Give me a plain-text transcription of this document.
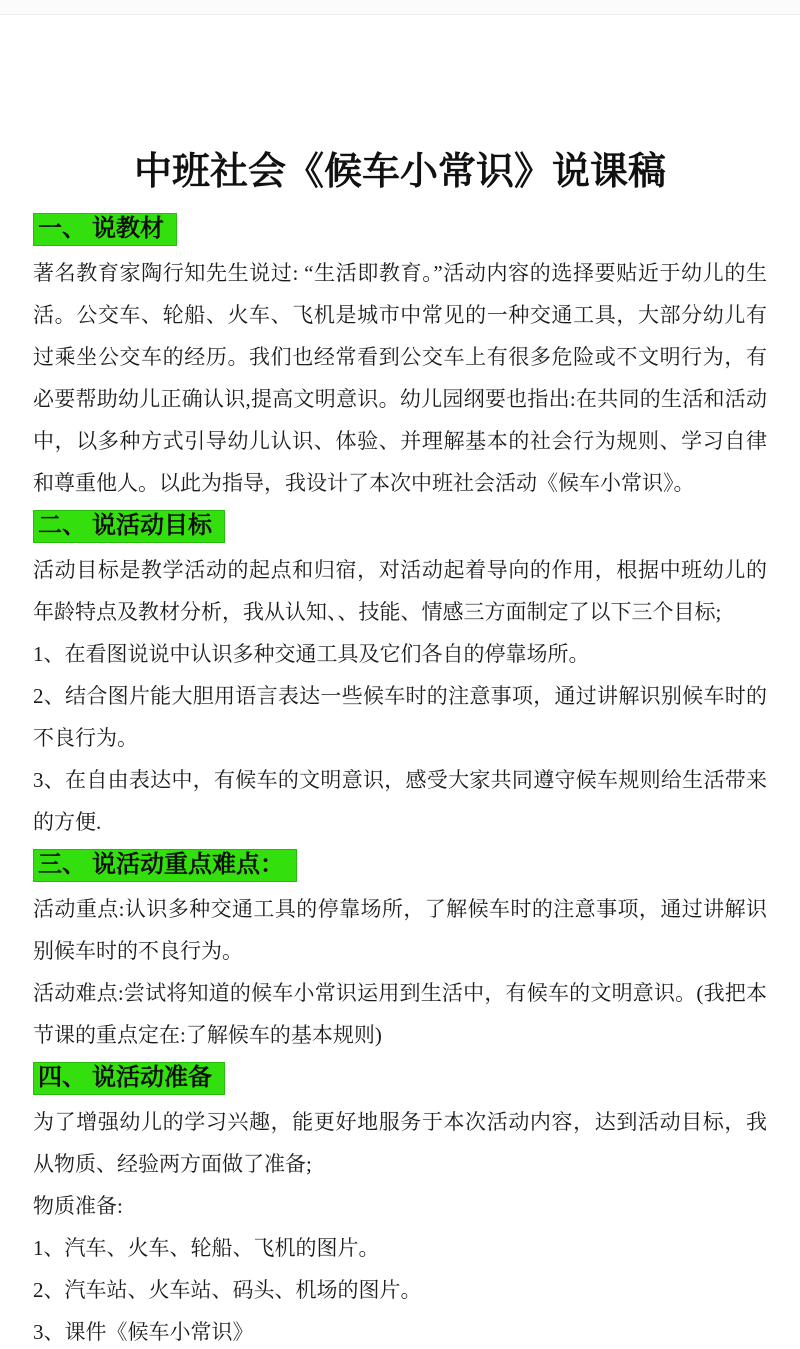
中班社会《候车小常识》说课稿
一、 说教材

著名教育家陶行知先生说过: “生活即教育。”活动内容的选择要贴近于幼儿的生活。公交车、轮船、火车、飞机是城市中常见的一种交通工具，大部分幼儿有过乘坐公交车的经历。我们也经常看到公交车上有很多危险或不文明行为，有必要帮助幼儿正确认识,提高文明意识。幼儿园纲要也指出:在共同的生活和活动中，以多种方式引导幼儿认识、体验、并理解基本的社会行为规则、学习自律和尊重他人。以此为指导，我设计了本次中班社会活动《候车小常识》。

二、 说活动目标

活动目标是教学活动的起点和归宿，对活动起着导向的作用，根据中班幼儿的年龄特点及教材分析，我从认知、、技能、情感三方面制定了以下三个目标;

1、在看图说说中认识多种交通工具及它们各自的停靠场所。

2、结合图片能大胆用语言表达一些候车时的注意事项，通过讲解识别候车时的不良行为。

3、在自由表达中，有候车的文明意识，感受大家共同遵守候车规则给生活带来的方便.

三、 说活动重点难点：

活动重点:认识多种交通工具的停靠场所，了解候车时的注意事项，通过讲解识别候车时的不良行为。

活动难点:尝试将知道的候车小常识运用到生活中，有候车的文明意识。(我把本节课的重点定在:了解候车的基本规则)

四、 说活动准备

为了增强幼儿的学习兴趣，能更好地服务于本次活动内容，达到活动目标，我从物质、经验两方面做了准备;

物质准备:

1、汽车、火车、轮船、飞机的图片。

2、汽车站、火车站、码头、机场的图片。

3、课件《候车小常识》
